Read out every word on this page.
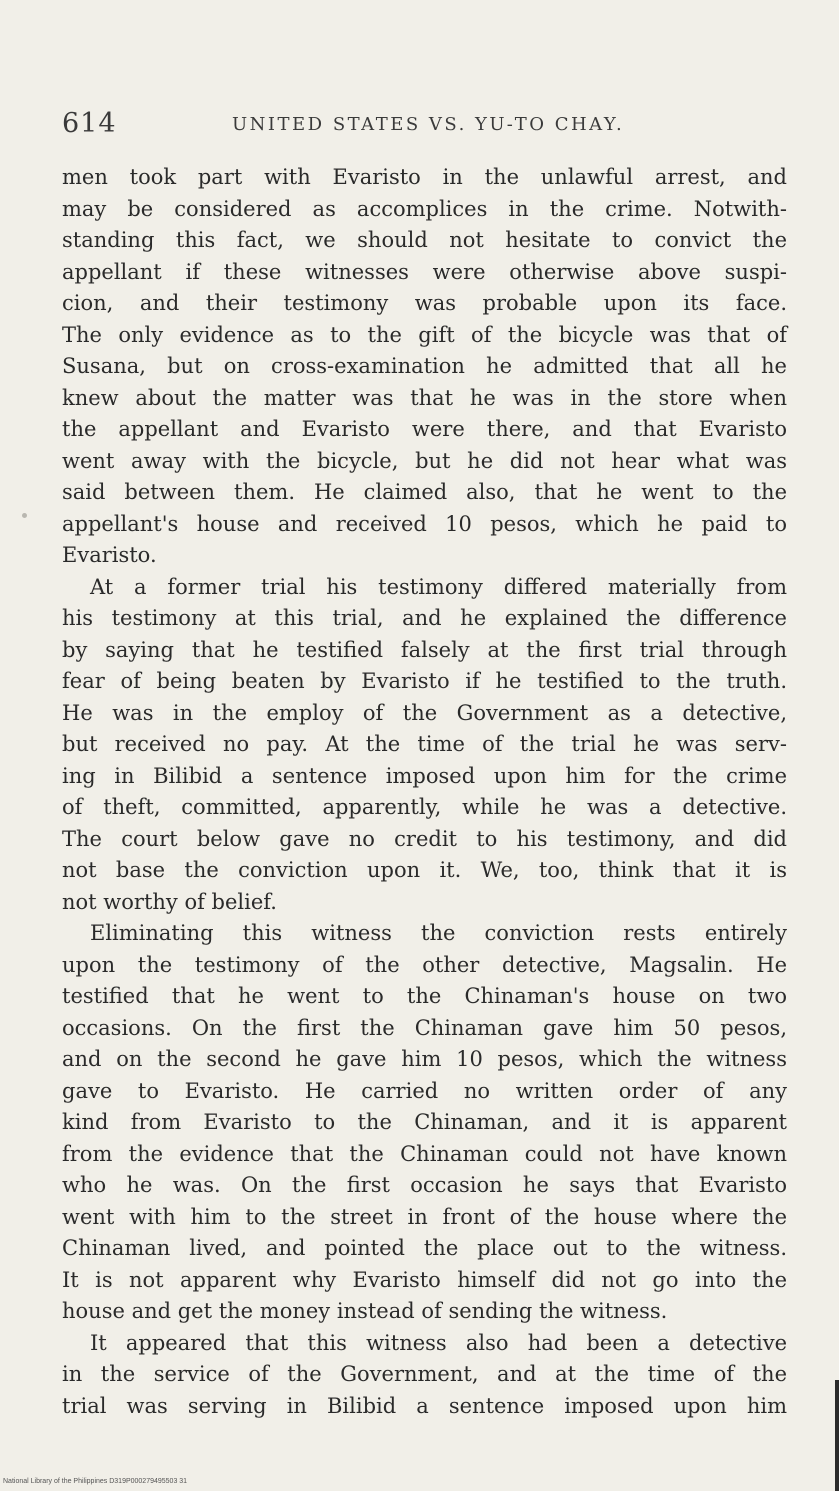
614	UNITED STATES VS. YU-TO CHAY.
men took part with Evaristo in the unlawful arrest, and
may be considered as accomplices in the crime. Notwith-
standing this fact, we should not hesitate to convict the
appellant if these witnesses were otherwise above suspi-
cion, and their testimony was probable upon its face.
The only evidence as to the gift of the bicycle was that of
Susana, but on cross-examination he admitted that all he
knew about the matter was that he was in the store when
the appellant and Evaristo were there, and that Evaristo
went away with the bicycle, but he did not hear what was
said between them. He claimed also, that he went to the
appellant's house and received 10 pesos, which he paid to
Evaristo.
At a former trial his testimony differed materially from
his testimony at this trial, and he explained the difference
by saying that he testified falsely at the first trial through
fear of being beaten by Evaristo if he testified to the truth.
He was in the employ of the Government as a detective,
but received no pay. At the time of the trial he was serv-
ing in Bilibid a sentence imposed upon him for the crime
of theft, committed, apparently, while he was a detective.
The court below gave no credit to his testimony, and did
not base the conviction upon it. We, too, think that it is
not worthy of belief.
Eliminating this witness the conviction rests entirely
upon the testimony of the other detective, Magsalin. He
testified that he went to the Chinaman's house on two
occasions. On the first the Chinaman gave him 50 pesos,
and on the second he gave him 10 pesos, which the witness
gave to Evaristo. He carried no written order of any
kind from Evaristo to the Chinaman, and it is apparent
from the evidence that the Chinaman could not have known
who he was. On the first occasion he says that Evaristo
went with him to the street in front of the house where the
Chinaman lived, and pointed the place out to the witness.
It is not apparent why Evaristo himself did not go into the
house and get the money instead of sending the witness.
It appeared that this witness also had been a detective
in the service of the Government, and at the time of the
trial was serving in Bilibid a sentence imposed upon him
National Library of the Philippines D319P000279495503 31
